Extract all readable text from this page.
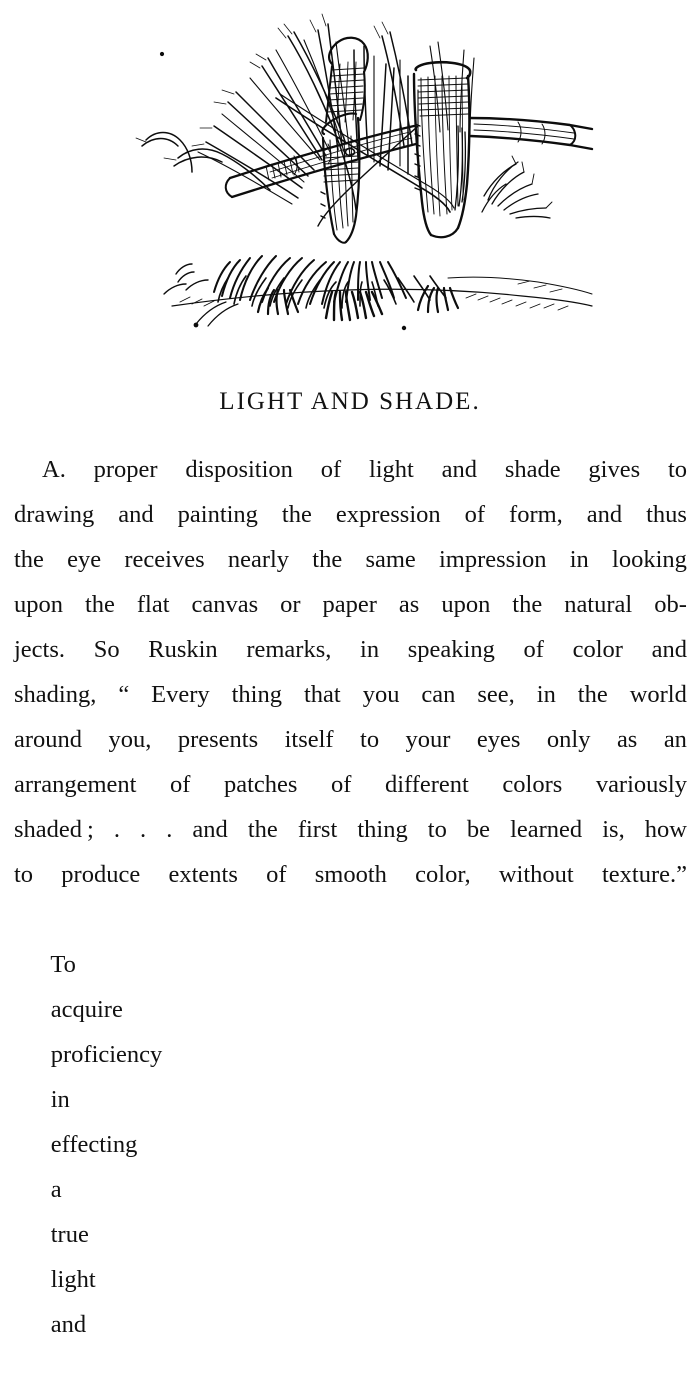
LIGHT AND SHADE.
A. proper disposition of light and shade gives to
drawing and painting the expression of form, and thus
the eye receives nearly the same impression in looking
upon the flat canvas or paper as upon the natural ob-
jects. So Ruskin remarks, in speaking of color and
shading, “ Every thing that you can see, in the world
around you, presents itself to your eyes only as an
arrangement of patches of different colors variously
shaded ; . . . and the first thing to be learned is, how
to produce extents of smooth color, without texture.”

To
acquire
proficiency
in
effecting
a
true
light
and
